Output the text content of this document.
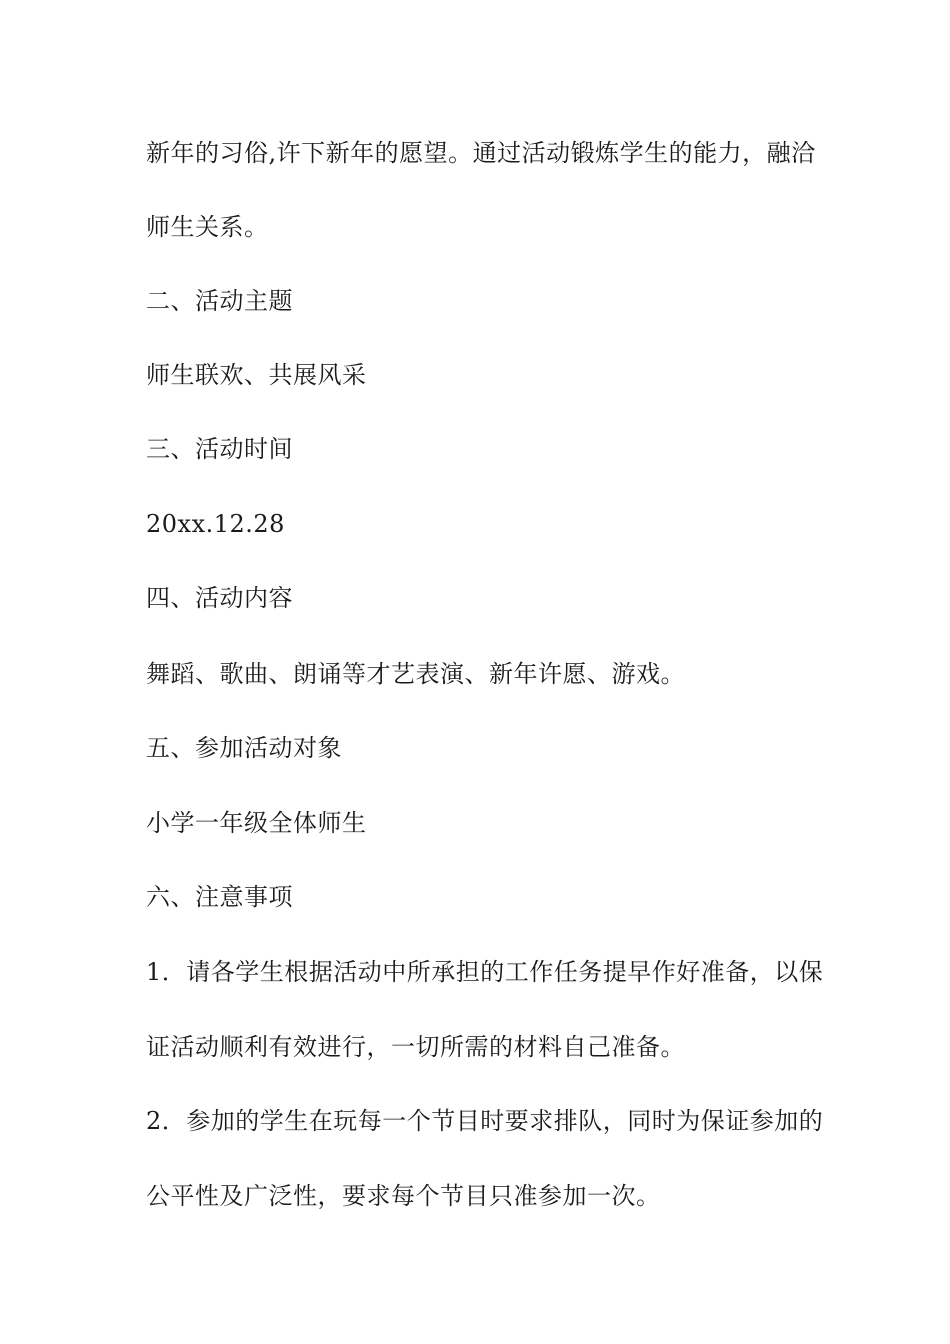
新年的习俗,许下新年的愿望。通过活动锻炼学生的能力，融洽
师生关系。
二、活动主题
师生联欢、共展风采
三、活动时间
20xx.12.28
四、活动内容
舞蹈、歌曲、朗诵等才艺表演、新年许愿、游戏。
五、参加活动对象
小学一年级全体师生
六、注意事项
1．请各学生根据活动中所承担的工作任务提早作好准备，以保
证活动顺利有效进行，一切所需的材料自己准备。
2．参加的学生在玩每一个节目时要求排队，同时为保证参加的
公平性及广泛性，要求每个节目只准参加一次。
